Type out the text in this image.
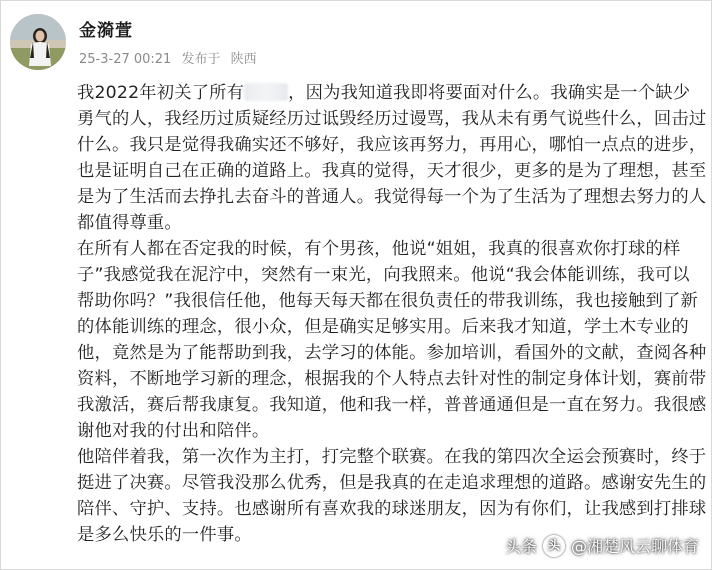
金漪萱
25-3-27 00:21 发布于 陕西

我2022年初关了所有	，因为我知道我即将要面对什么。我确实是一个缺少勇气的人，我经历过质疑经历过诋毁经历过谩骂，我从未有勇气说些什么，回击过什么。我只是觉得我确实还不够好，我应该再努力，再用心，哪怕一点点的进步，也是证明自己在正确的道路上。我真的觉得，天才很少，更多的是为了理想，甚至是为了生活而去挣扎去奋斗的普通人。我觉得每一个为了生活为了理想去努力的人都值得尊重。

在所有人都在否定我的时候，有个男孩，他说“姐姐，我真的很喜欢你打球的样子”我感觉我在泥泞中，突然有一束光，向我照来。他说“我会体能训练，我可以帮助你吗？”我很信任他，他每天每天都在很负责任的带我训练，我也接触到了新的体能训练的理念，很小众，但是确实足够实用。后来我才知道，学土木专业的他，竟然是为了能帮助到我，去学习的体能。参加培训，看国外的文献，查阅各种资料，不断地学习新的理念，根据我的个人特点去针对性的制定身体计划，赛前带我激活，赛后帮我康复。我知道，他和我一样，普普通通但是一直在努力。我很感谢他对我的付出和陪伴。

他陪伴着我，第一次作为主打，打完整个联赛。在我的第四次全运会预赛时，终于挺进了决赛。尽管我没那么优秀，但是我真的在走追求理想的道路。感谢安先生的陪伴、守护、支持。也感谢所有喜欢我的球迷朋友，因为有你们，让我感到打排球是多么快乐的一件事。

头条 头 @湘楚风云聊体育
